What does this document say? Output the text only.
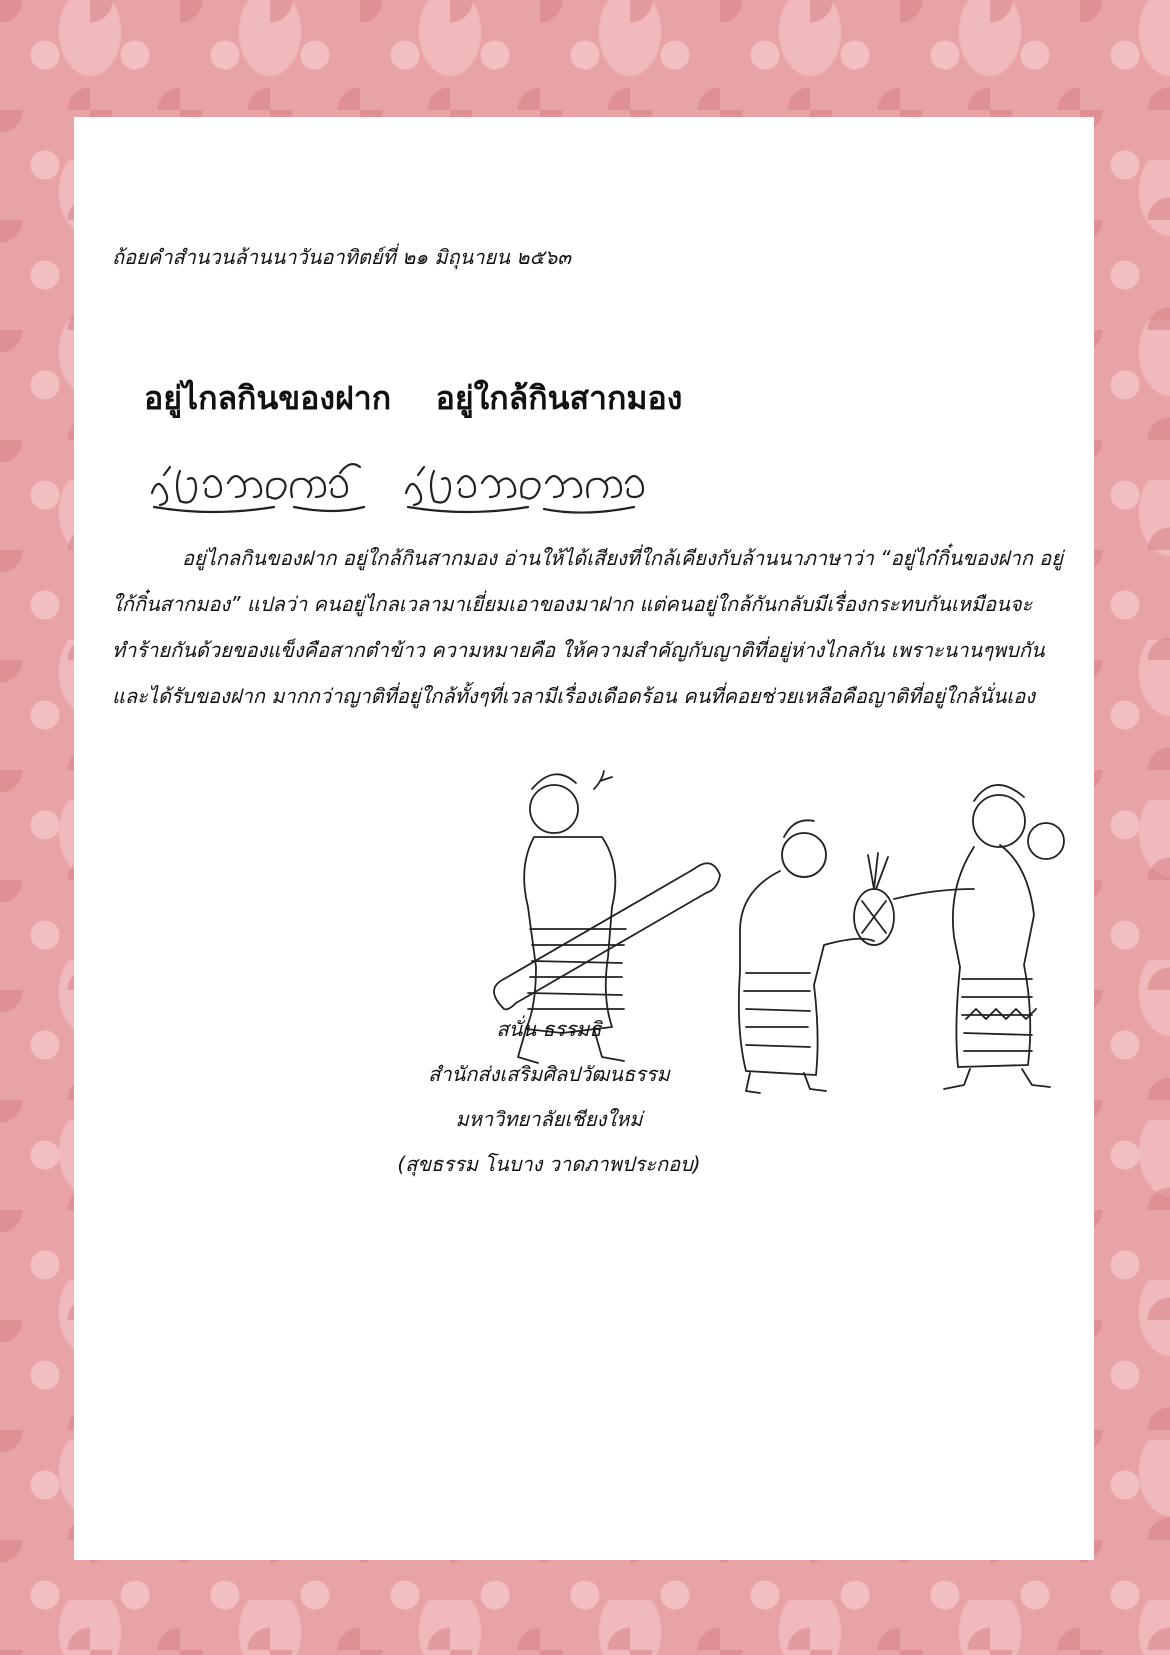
ถ้อยคำสำนวนล้านนาวันอาทิตย์ที่ ๒๑ มิถุนายน ๒๕๖๓

อยู่ไกลกินของฝาก    อยู่ใกล้กินสากมอง

อยู่ไกลกินของฝาก อยู่ใกล้กินสากมอง อ่านให้ได้เสียงที่ใกล้เคียงกับล้านนาภาษาว่า “อยู่ไก๋กิ๋นของฝาก อยู่ใก้กิ๋นสากมอง” แปลว่า คนอยู่ไกลเวลามาเยี่ยมเอาของมาฝาก แต่คนอยู่ใกล้กันกลับมีเรื่องกระทบกันเหมือนจะทำร้ายกันด้วยของแข็งคือสากตำข้าว ความหมายคือ ให้ความสำคัญกับญาติที่อยู่ห่างไกลกัน เพราะนานๆพบกันและได้รับของฝาก มากกว่าญาติที่อยู่ใกล้ทั้งๆที่เวลามีเรื่องเดือดร้อน คนที่คอยช่วยเหลือคือญาติที่อยู่ใกล้นั่นเอง

สนั่น ธรรมธิ
สำนักส่งเสริมศิลปวัฒนธรรม
มหาวิทยาลัยเชียงใหม่
(สุขธรรม โนบาง วาดภาพประกอบ)
